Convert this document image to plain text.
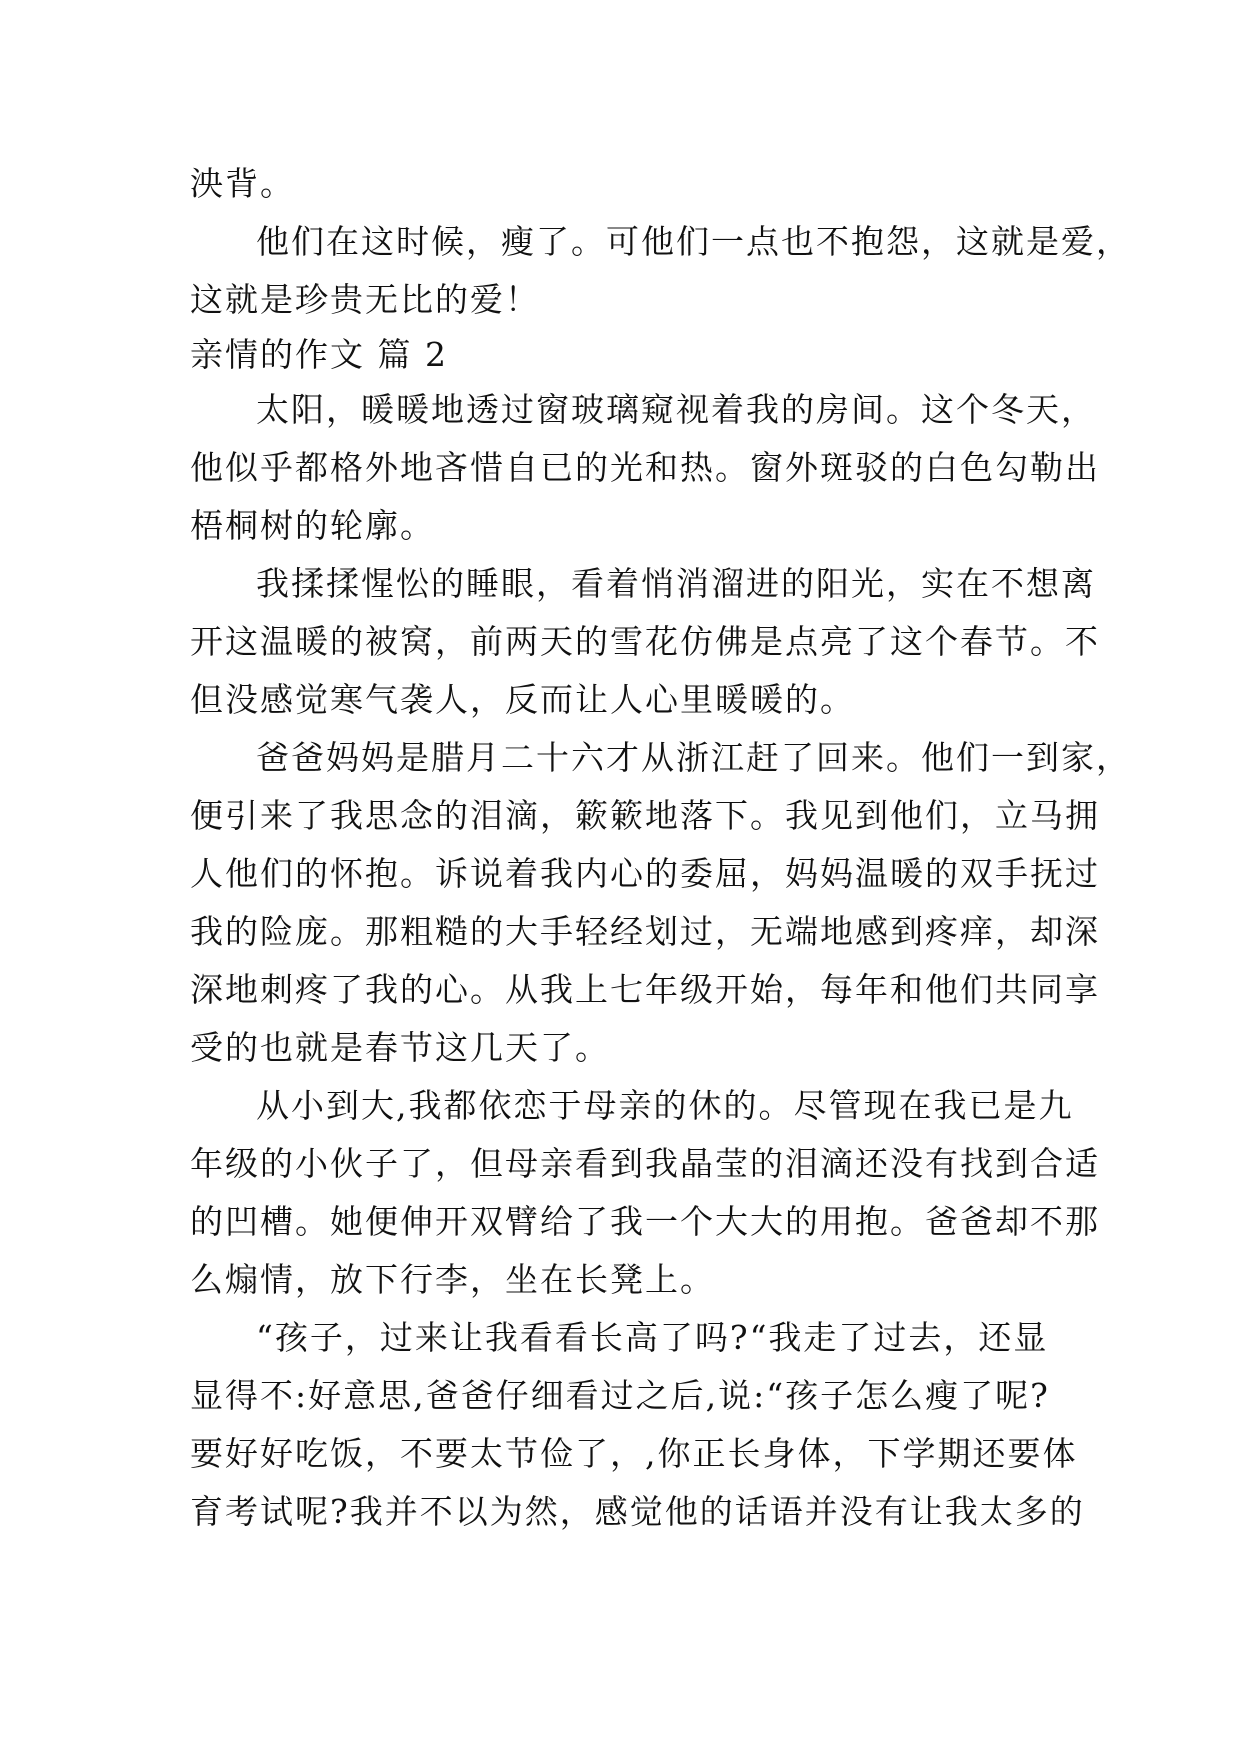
泱背。
他们在这时候，瘦了。可他们一点也不抱怨，这就是爱，
这就是珍贵无比的爱！
亲情的作文 篇 2
太阳，暖暖地透过窗玻璃窥视着我的房间。这个冬天，
他似乎都格外地吝惜自已的光和热。窗外斑驳的白色勾勒出
梧桐树的轮廓。
我揉揉惺忪的睡眼，看着悄消溜进的阳光，实在不想离
开这温暖的被窝，前两天的雪花仿佛是点亮了这个春节。不
但没感觉寒气袭人，反而让人心里暖暖的。
爸爸妈妈是腊月二十六才从浙江赶了回来。他们一到家，
便引来了我思念的泪滴，簌簌地落下。我见到他们，立马拥
人他们的怀抱。诉说着我内心的委屈，妈妈温暖的双手抚过
我的险庞。那粗糙的大手轻经划过，无端地感到疼痒，却深
深地刺疼了我的心。从我上七年级开始，每年和他们共同享
受的也就是春节这几天了。
从小到大,我都依恋于母亲的休的。尽管现在我已是九
年级的小伙子了，但母亲看到我晶莹的泪滴还没有找到合适
的凹槽。她便伸开双臂给了我一个大大的用抱。爸爸却不那
么煽情，放下行李，坐在长凳上。
“孩子，过来让我看看长高了吗?“我走了过去，还显
显得不:好意思,爸爸仔细看过之后,说:“孩子怎么瘦了呢?
要好好吃饭，不要太节俭了，,你正长身体，下学期还要体
育考试呢?我并不以为然，感觉他的话语并没有让我太多的
